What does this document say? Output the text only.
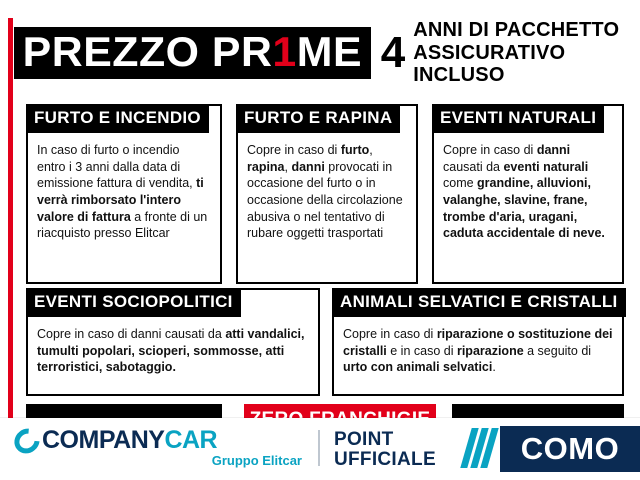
PREZZO PR1ME 4 ANNI DI PACCHETTO
ASSICURATIVO INCLUSO
FURTO E INCENDIO
In caso di furto o incendio entro i 3 anni dalla data di emissione fattura di vendita, ti verrà rimborsato l'intero valore di fattura a fronte di un riacquisto presso Elitcar
FURTO E RAPINA
Copre in caso di furto, rapina, danni provocati in occasione del furto o in occasione della circolazione abusiva o nel tentativo di rubare oggetti trasportati
EVENTI NATURALI
Copre in caso di danni causati da eventi naturali come grandine, alluvioni, valanghe, slavine, frane, trombe d'aria, uragani, caduta accidentale di neve.
EVENTI SOCIOPOLITICI
Copre in caso di danni causati da atti vandalici, tumulti popolari, scioperi, sommosse, atti terroristici, sabotaggio.
ANIMALI SELVATICI E CRISTALLI
Copre in caso di riparazione o sostituzione dei cristalli e in caso di riparazione a seguito di urto con animali selvatici.
COMPANY CAR
Gruppo Elitcar
POINT
UFFICIALE	COMO
